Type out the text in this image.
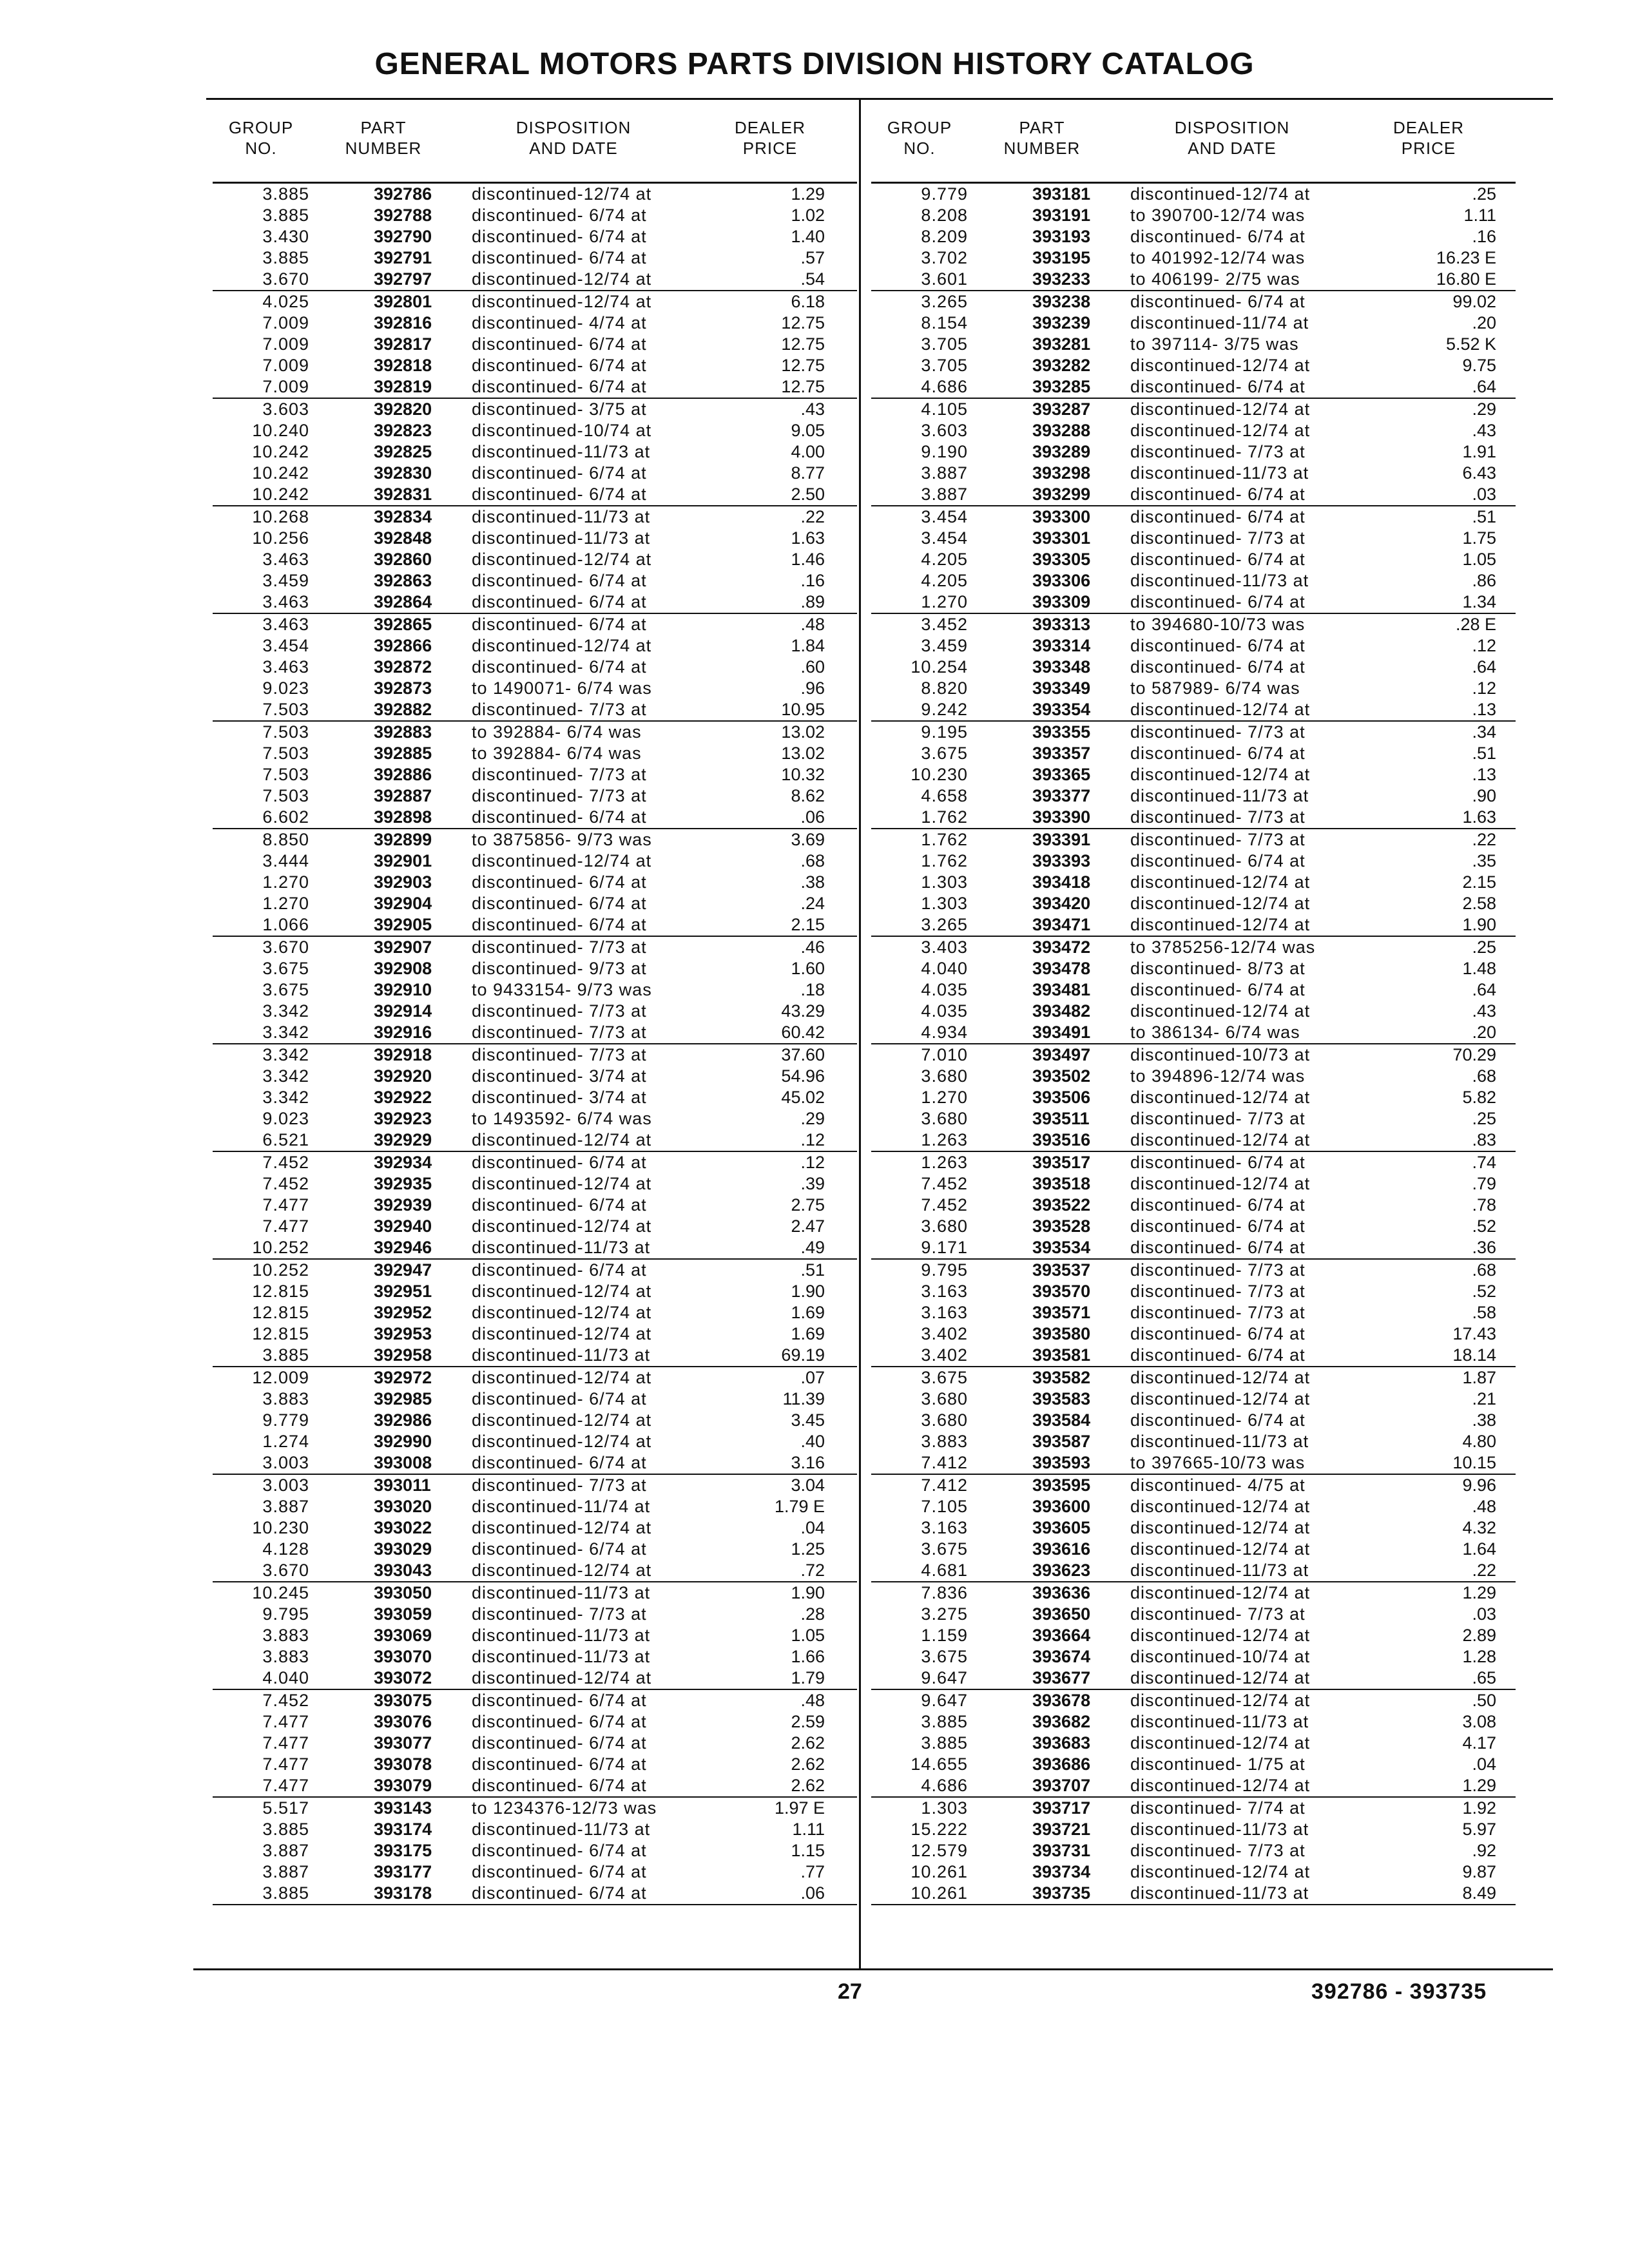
GENERAL MOTORS PARTS DIVISION HISTORY CATALOG
GROUP
NO.
PART
NUMBER
DISPOSITION
AND DATE
DEALER
PRICE
3.885	392786	discontinued-12/74 at	1.29
3.885	392788	discontinued- 6/74 at	1.02
3.430	392790	discontinued- 6/74 at	1.40
3.885	392791	discontinued- 6/74 at	.57
3.670	392797	discontinued-12/74 at	.54
4.025	392801	discontinued-12/74 at	6.18
7.009	392816	discontinued- 4/74 at	12.75
7.009	392817	discontinued- 6/74 at	12.75
7.009	392818	discontinued- 6/74 at	12.75
7.009	392819	discontinued- 6/74 at	12.75
3.603	392820	discontinued- 3/75 at	.43
10.240	392823	discontinued-10/74 at	9.05
10.242	392825	discontinued-11/73 at	4.00
10.242	392830	discontinued- 6/74 at	8.77
10.242	392831	discontinued- 6/74 at	2.50
10.268	392834	discontinued-11/73 at	.22
10.256	392848	discontinued-11/73 at	1.63
3.463	392860	discontinued-12/74 at	1.46
3.459	392863	discontinued- 6/74 at	.16
3.463	392864	discontinued- 6/74 at	.89
3.463	392865	discontinued- 6/74 at	.48
3.454	392866	discontinued-12/74 at	1.84
3.463	392872	discontinued- 6/74 at	.60
9.023	392873	to 1490071- 6/74 was	.96
7.503	392882	discontinued- 7/73 at	10.95
7.503	392883	to 392884- 6/74 was	13.02
7.503	392885	to 392884- 6/74 was	13.02
7.503	392886	discontinued- 7/73 at	10.32
7.503	392887	discontinued- 7/73 at	8.62
6.602	392898	discontinued- 6/74 at	.06
8.850	392899	to 3875856- 9/73 was	3.69
3.444	392901	discontinued-12/74 at	.68
1.270	392903	discontinued- 6/74 at	.38
1.270	392904	discontinued- 6/74 at	.24
1.066	392905	discontinued- 6/74 at	2.15
3.670	392907	discontinued- 7/73 at	.46
3.675	392908	discontinued- 9/73 at	1.60
3.675	392910	to 9433154- 9/73 was	.18
3.342	392914	discontinued- 7/73 at	43.29
3.342	392916	discontinued- 7/73 at	60.42
3.342	392918	discontinued- 7/73 at	37.60
3.342	392920	discontinued- 3/74 at	54.96
3.342	392922	discontinued- 3/74 at	45.02
9.023	392923	to 1493592- 6/74 was	.29
6.521	392929	discontinued-12/74 at	.12
7.452	392934	discontinued- 6/74 at	.12
7.452	392935	discontinued-12/74 at	.39
7.477	392939	discontinued- 6/74 at	2.75
7.477	392940	discontinued-12/74 at	2.47
10.252	392946	discontinued-11/73 at	.49
10.252	392947	discontinued- 6/74 at	.51
12.815	392951	discontinued-12/74 at	1.90
12.815	392952	discontinued-12/74 at	1.69
12.815	392953	discontinued-12/74 at	1.69
3.885	392958	discontinued-11/73 at	69.19
12.009	392972	discontinued-12/74 at	.07
3.883	392985	discontinued- 6/74 at	11.39
9.779	392986	discontinued-12/74 at	3.45
1.274	392990	discontinued-12/74 at	.40
3.003	393008	discontinued- 6/74 at	3.16
3.003	393011	discontinued- 7/73 at	3.04
3.887	393020	discontinued-11/74 at	1.79 E
10.230	393022	discontinued-12/74 at	.04
4.128	393029	discontinued- 6/74 at	1.25
3.670	393043	discontinued-12/74 at	.72
10.245	393050	discontinued-11/73 at	1.90
9.795	393059	discontinued- 7/73 at	.28
3.883	393069	discontinued-11/73 at	1.05
3.883	393070	discontinued-11/73 at	1.66
4.040	393072	discontinued-12/74 at	1.79
7.452	393075	discontinued- 6/74 at	.48
7.477	393076	discontinued- 6/74 at	2.59
7.477	393077	discontinued- 6/74 at	2.62
7.477	393078	discontinued- 6/74 at	2.62
7.477	393079	discontinued- 6/74 at	2.62
5.517	393143	to 1234376-12/73 was	1.97 E
3.885	393174	discontinued-11/73 at	1.11
3.887	393175	discontinued- 6/74 at	1.15
3.887	393177	discontinued- 6/74 at	.77
3.885	393178	discontinued- 6/74 at	.06
GROUP
NO.
PART
NUMBER
DISPOSITION
AND DATE
DEALER
PRICE
9.779	393181	discontinued-12/74 at	.25
8.208	393191	to 390700-12/74 was	1.11
8.209	393193	discontinued- 6/74 at	.16
3.702	393195	to 401992-12/74 was	16.23 E
3.601	393233	to 406199- 2/75 was	16.80 E
3.265	393238	discontinued- 6/74 at	99.02
8.154	393239	discontinued-11/74 at	.20
3.705	393281	to 397114- 3/75 was	5.52 K
3.705	393282	discontinued-12/74 at	9.75
4.686	393285	discontinued- 6/74 at	.64
4.105	393287	discontinued-12/74 at	.29
3.603	393288	discontinued-12/74 at	.43
9.190	393289	discontinued- 7/73 at	1.91
3.887	393298	discontinued-11/73 at	6.43
3.887	393299	discontinued- 6/74 at	.03
3.454	393300	discontinued- 6/74 at	.51
3.454	393301	discontinued- 7/73 at	1.75
4.205	393305	discontinued- 6/74 at	1.05
4.205	393306	discontinued-11/73 at	.86
1.270	393309	discontinued- 6/74 at	1.34
3.452	393313	to 394680-10/73 was	.28 E
3.459	393314	discontinued- 6/74 at	.12
10.254	393348	discontinued- 6/74 at	.64
8.820	393349	to 587989- 6/74 was	.12
9.242	393354	discontinued-12/74 at	.13
9.195	393355	discontinued- 7/73 at	.34
3.675	393357	discontinued- 6/74 at	.51
10.230	393365	discontinued-12/74 at	.13
4.658	393377	discontinued-11/73 at	.90
1.762	393390	discontinued- 7/73 at	1.63
1.762	393391	discontinued- 7/73 at	.22
1.762	393393	discontinued- 6/74 at	.35
1.303	393418	discontinued-12/74 at	2.15
1.303	393420	discontinued-12/74 at	2.58
3.265	393471	discontinued-12/74 at	1.90
3.403	393472	to 3785256-12/74 was	.25
4.040	393478	discontinued- 8/73 at	1.48
4.035	393481	discontinued- 6/74 at	.64
4.035	393482	discontinued-12/74 at	.43
4.934	393491	to 386134- 6/74 was	.20
7.010	393497	discontinued-10/73 at	70.29
3.680	393502	to 394896-12/74 was	.68
1.270	393506	discontinued-12/74 at	5.82
3.680	393511	discontinued- 7/73 at	.25
1.263	393516	discontinued-12/74 at	.83
1.263	393517	discontinued- 6/74 at	.74
7.452	393518	discontinued-12/74 at	.79
7.452	393522	discontinued- 6/74 at	.78
3.680	393528	discontinued- 6/74 at	.52
9.171	393534	discontinued- 6/74 at	.36
9.795	393537	discontinued- 7/73 at	.68
3.163	393570	discontinued- 7/73 at	.52
3.163	393571	discontinued- 7/73 at	.58
3.402	393580	discontinued- 6/74 at	17.43
3.402	393581	discontinued- 6/74 at	18.14
3.675	393582	discontinued-12/74 at	1.87
3.680	393583	discontinued-12/74 at	.21
3.680	393584	discontinued- 6/74 at	.38
3.883	393587	discontinued-11/73 at	4.80
7.412	393593	to 397665-10/73 was	10.15
7.412	393595	discontinued- 4/75 at	9.96
7.105	393600	discontinued-12/74 at	.48
3.163	393605	discontinued-12/74 at	4.32
3.675	393616	discontinued-12/74 at	1.64
4.681	393623	discontinued-11/73 at	.22
7.836	393636	discontinued-12/74 at	1.29
3.275	393650	discontinued- 7/73 at	.03
1.159	393664	discontinued-12/74 at	2.89
3.675	393674	discontinued-10/74 at	1.28
9.647	393677	discontinued-12/74 at	.65
9.647	393678	discontinued-12/74 at	.50
3.885	393682	discontinued-11/73 at	3.08
3.885	393683	discontinued-12/74 at	4.17
14.655	393686	discontinued- 1/75 at	.04
4.686	393707	discontinued-12/74 at	1.29
1.303	393717	discontinued- 7/74 at	1.92
15.222	393721	discontinued-11/73 at	5.97
12.579	393731	discontinued- 7/73 at	.92
10.261	393734	discontinued-12/74 at	9.87
10.261	393735	discontinued-11/73 at	8.49
27	392786 - 393735
